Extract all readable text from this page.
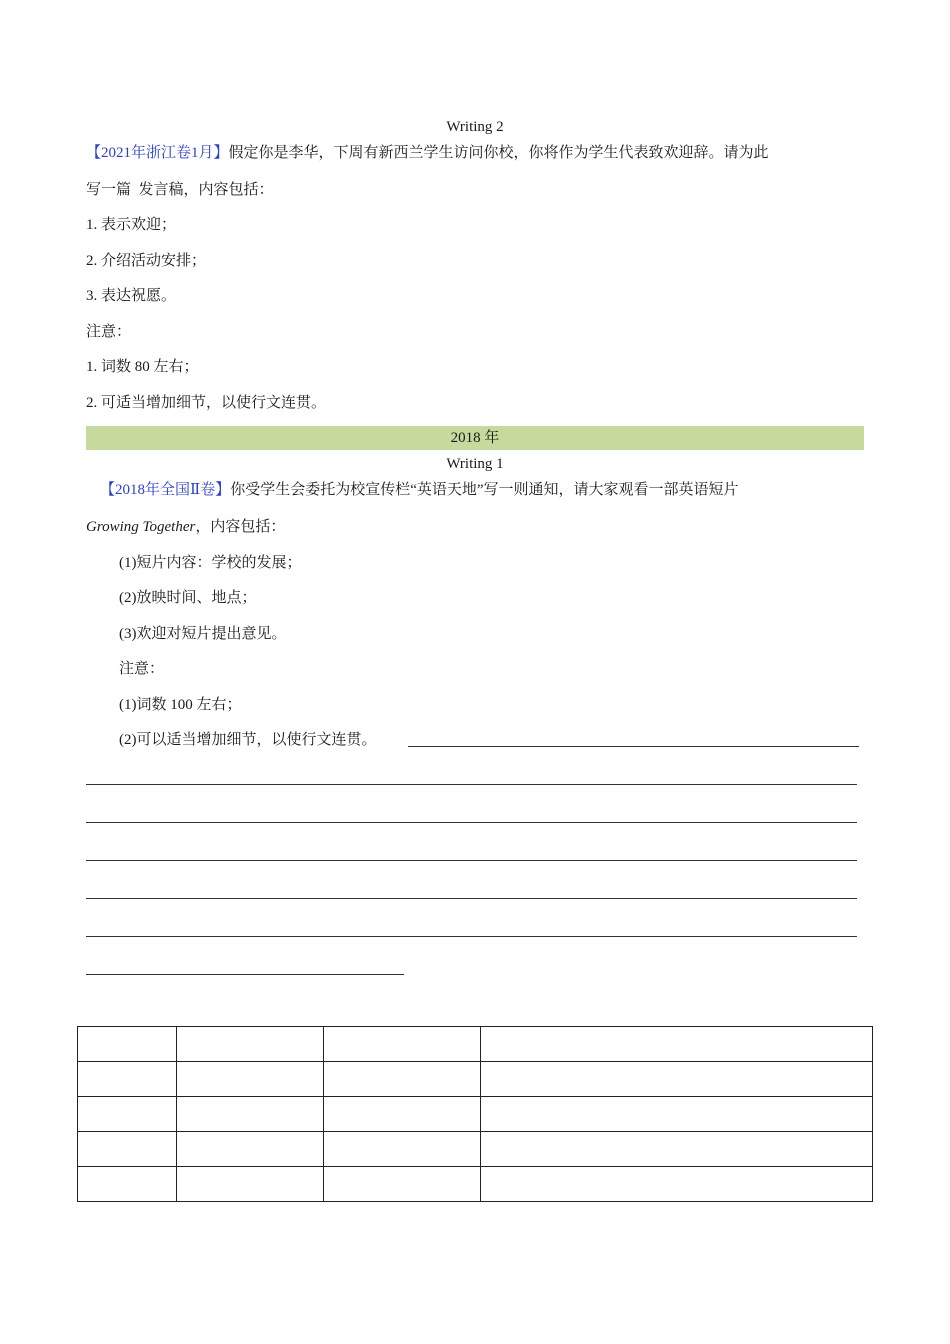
Writing 2
【2021年浙江卷1月】假定你是李华，下周有新西兰学生访问你校，你将作为学生代表致欢迎辞。请为此
写一篇  发言稿，内容包括：
1. 表示欢迎；
2. 介绍活动安排；
3. 表达祝愿。
注意：
1. 词数 80 左右；
2. 可适当增加细节，以使行文连贯。
2018 年
Writing 1
【2018年全国Ⅱ卷】你受学生会委托为校宣传栏“英语天地”写一则通知，请大家观看一部英语短片
Growing Together，内容包括：
(1)短片内容：学校的发展；
(2)放映时间、地点；
(3)欢迎对短片提出意见。
注意：
(1)词数 100 左右；
(2)可以适当增加细节，以使行文连贯。
